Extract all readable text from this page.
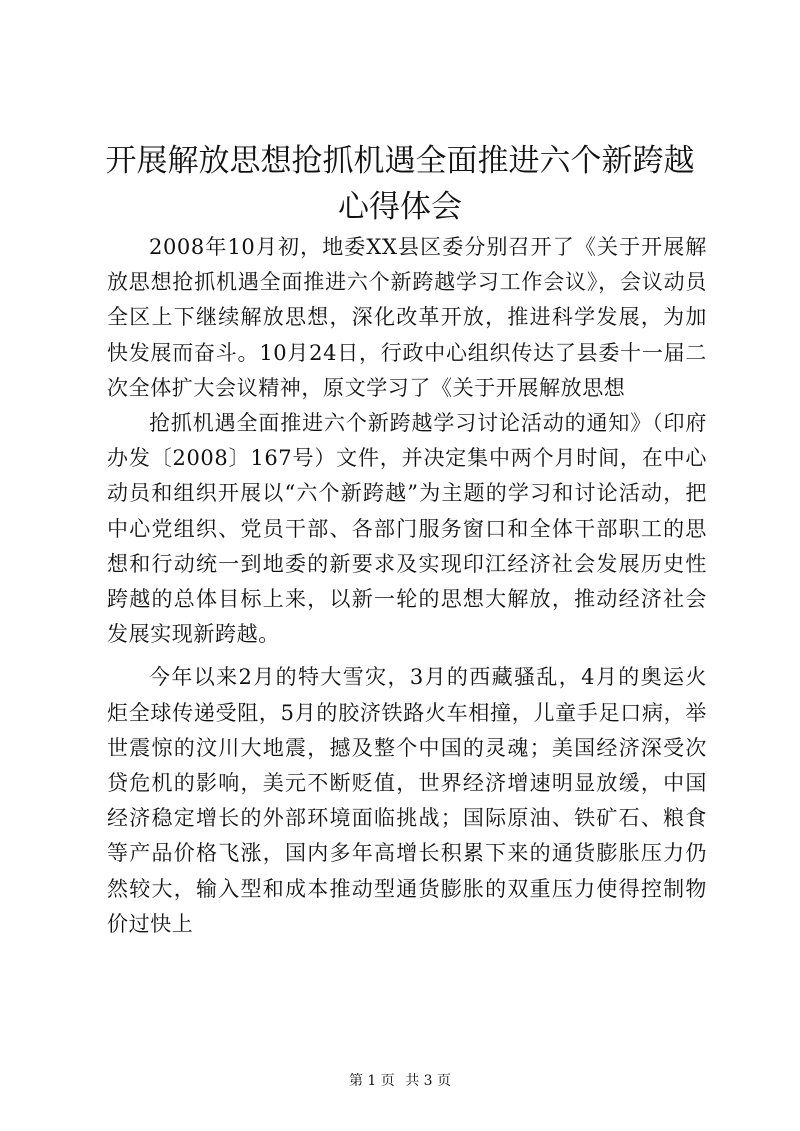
开展解放思想抢抓机遇全面推进六个新跨越心得体会

2008年10月初，地委XX县区委分别召开了《关于开展解放思想抢抓机遇全面推进六个新跨越学习工作会议》，会议动员全区上下继续解放思想，深化改革开放，推进科学发展，为加快发展而奋斗。10月24日，行政中心组织传达了县委十一届二次全体扩大会议精神，原文学习了《关于开展解放思想

抢抓机遇全面推进六个新跨越学习讨论活动的通知》（印府办发〔2008〕167号）文件，并决定集中两个月时间，在中心动员和组织开展以“六个新跨越”为主题的学习和讨论活动，把中心党组织、党员干部、各部门服务窗口和全体干部职工的思想和行动统一到地委的新要求及实现印江经济社会发展历史性跨越的总体目标上来，以新一轮的思想大解放，推动经济社会发展实现新跨越。

今年以来2月的特大雪灾，3月的西藏骚乱，4月的奥运火炬全球传递受阻，5月的胶济铁路火车相撞，儿童手足口病，举世震惊的汶川大地震，撼及整个中国的灵魂；美国经济深受次贷危机的影响，美元不断贬值，世界经济增速明显放缓，中国经济稳定增长的外部环境面临挑战；国际原油、铁矿石、粮食等产品价格飞涨，国内多年高增长积累下来的通货膨胀压力仍然较大，输入型和成本推动型通货膨胀的双重压力使得控制物价过快上

第 1 页 共 3 页
